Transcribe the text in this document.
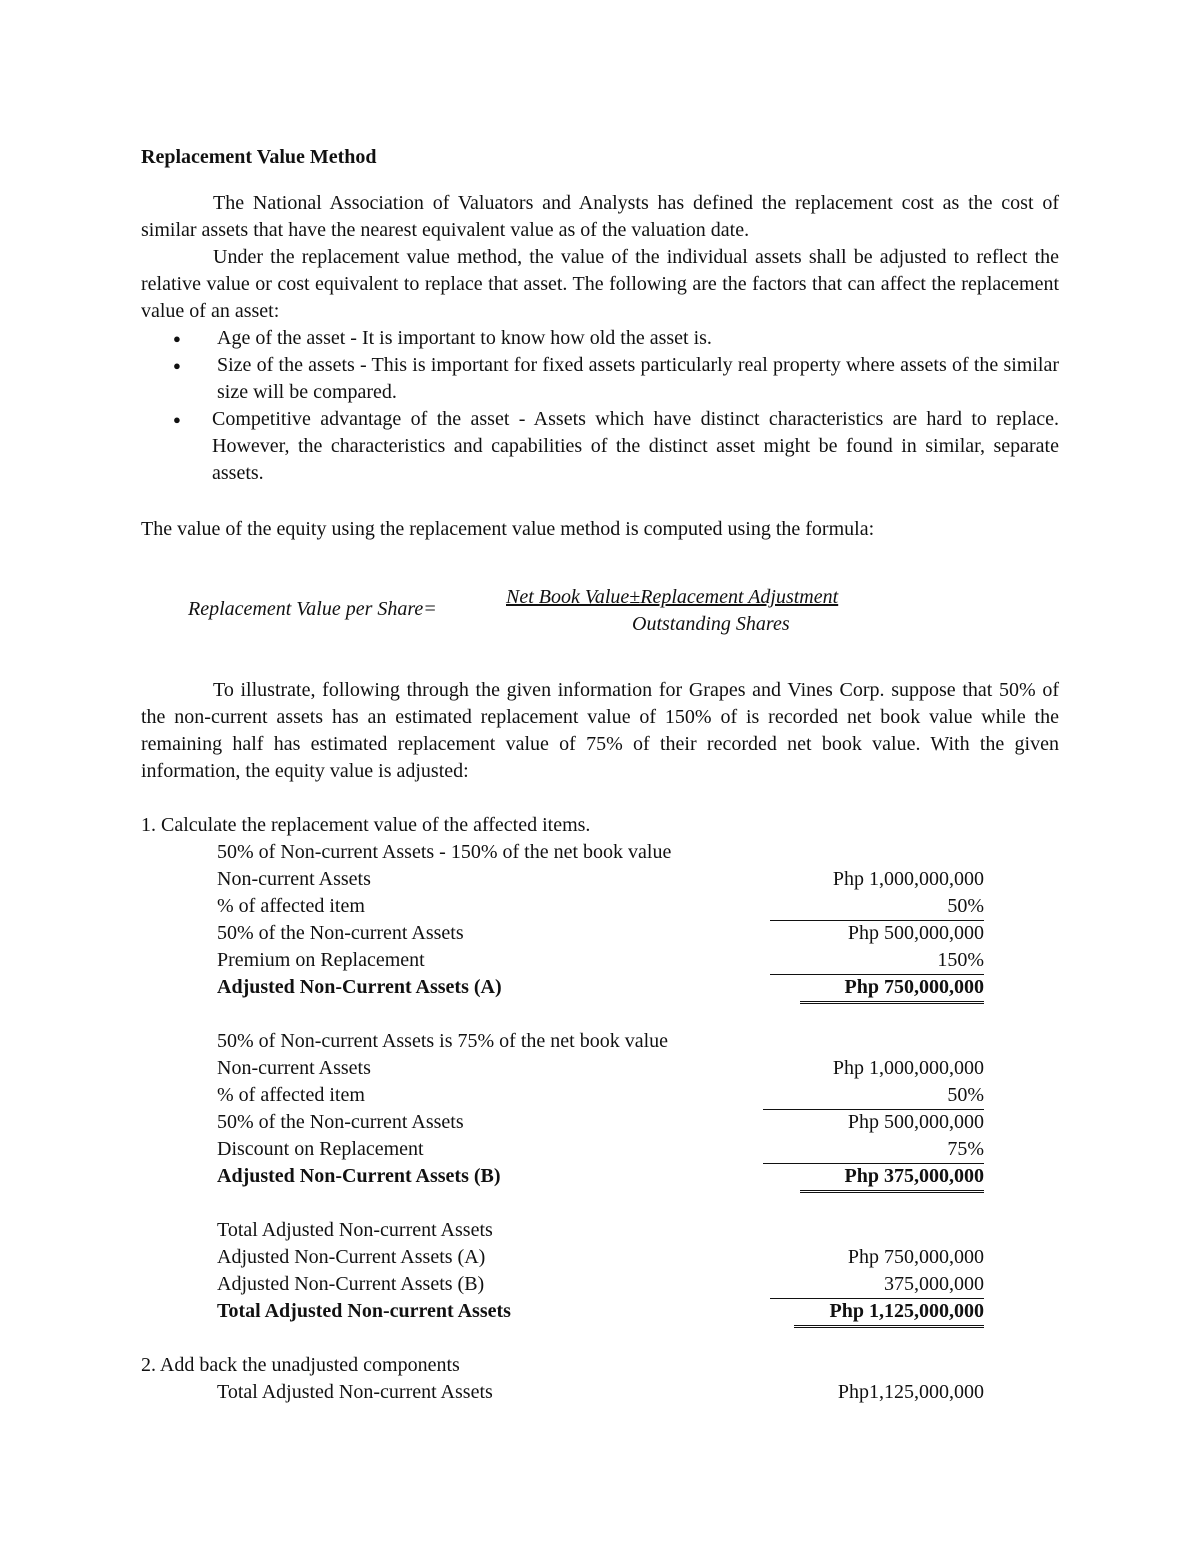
Replacement Value Method
The National Association of Valuators and Analysts has defined the replacement cost as the cost of similar assets that have the nearest equivalent value as of the valuation date.
Under the replacement value method, the value of the individual assets shall be adjusted to reflect the relative value or cost equivalent to replace that asset. The following are the factors that can affect the replacement value of an asset:
● Age of the asset - It is important to know how old the asset is.
● Size of the assets - This is important for fixed assets particularly real property where assets of the similar size will be compared.
● Competitive advantage of the asset - Assets which have distinct characteristics are hard to replace. However, the characteristics and capabilities of the distinct asset might be found in similar, separate assets.
The value of the equity using the replacement value method is computed using the formula:
Replacement Value per Share=
Net Book Value±Replacement Adjustment
Outstanding Shares
To illustrate, following through the given information for Grapes and Vines Corp. suppose that 50% of the non-current assets has an estimated replacement value of 150% of is recorded net book value while the remaining half has estimated replacement value of 75% of their recorded net book value. With the given information, the equity value is adjusted:
1. Calculate the replacement value of the affected items.
50% of Non-current Assets - 150% of the net book value
Non-current Assets	Php 1,000,000,000
% of affected item	50%
50% of the Non-current Assets	Php 500,000,000
Premium on Replacement	150%
Adjusted Non-Current Assets (A)	Php 750,000,000
50% of Non-current Assets is 75% of the net book value
Non-current Assets	Php 1,000,000,000
% of affected item	50%
50% of the Non-current Assets	Php 500,000,000
Discount on Replacement	75%
Adjusted Non-Current Assets (B)	Php 375,000,000
Total Adjusted Non-current Assets
Adjusted Non-Current Assets (A)	Php 750,000,000
Adjusted Non-Current Assets (B)	375,000,000
Total Adjusted Non-current Assets	Php 1,125,000,000
2. Add back the unadjusted components
Total Adjusted Non-current Assets	Php1,125,000,000
